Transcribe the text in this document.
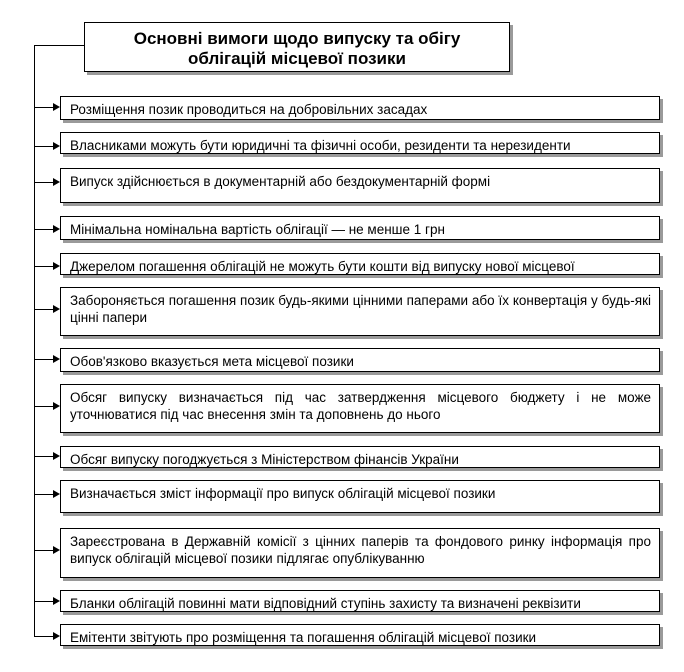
Основні вимоги щодо випуску та обігу
облігацій місцевої позики
Розміщення позик проводиться на добровільних засадах
Власниками можуть бути юридичні та фізичні особи, резиденти та нерезиденти
Випуск здійснюється в документарній або бездокументарній формі
Мінімальна номінальна вартість облігації — не менше 1 грн
Джерелом погашення облігацій не можуть бути кошти від випуску нової місцевої
Забороняється погашення позик будь-якими цінними паперами або їх конвертація у будь-які цінні папери
Обов'язково вказується мета місцевої позики
Обсяг випуску визначається під час затвердження місцевого бюджету і не може уточнюватися під час внесення змін та доповнень до нього
Обсяг випуску погоджується з Міністерством фінансів України
Визначається зміст інформації про випуск облігацій місцевої позики
Зареєстрована в Державній комісії з цінних паперів та фондового ринку інформація про випуск облігацій місцевої позики підлягає опублікуванню
Бланки облігацій повинні мати відповідний ступінь захисту та визначені реквізити
Емітенти звітують про розміщення та погашення облігацій місцевої позики
